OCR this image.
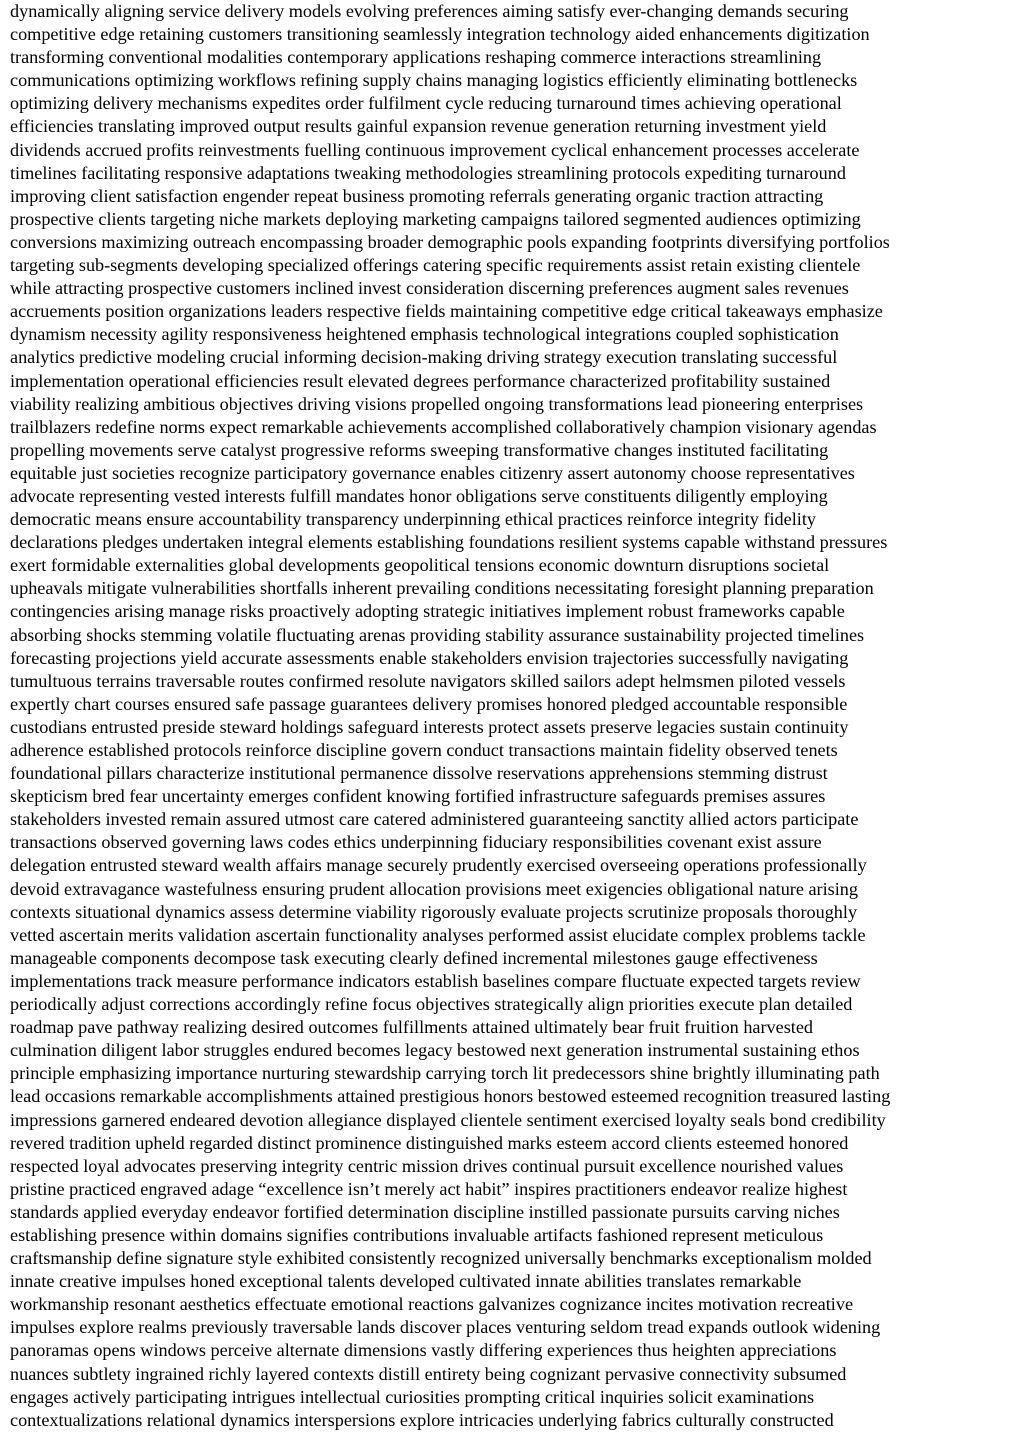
dynamically aligning service delivery models evolving preferences aiming satisfy ever-changing demands securing
competitive edge retaining customers transitioning seamlessly integration technology aided enhancements digitization
transforming conventional modalities contemporary applications reshaping commerce interactions streamlining
communications optimizing workflows refining supply chains managing logistics efficiently eliminating bottlenecks
optimizing delivery mechanisms expedites order fulfilment cycle reducing turnaround times achieving operational
efficiencies translating improved output results gainful expansion revenue generation returning investment yield
dividends accrued profits reinvestments fuelling continuous improvement cyclical enhancement processes accelerate
timelines facilitating responsive adaptations tweaking methodologies streamlining protocols expediting turnaround
improving client satisfaction engender repeat business promoting referrals generating organic traction attracting
prospective clients targeting niche markets deploying marketing campaigns tailored segmented audiences optimizing
conversions maximizing outreach encompassing broader demographic pools expanding footprints diversifying portfolios
targeting sub-segments developing specialized offerings catering specific requirements assist retain existing clientele
while attracting prospective customers inclined invest consideration discerning preferences augment sales revenues
accruements position organizations leaders respective fields maintaining competitive edge critical takeaways emphasize
dynamism necessity agility responsiveness heightened emphasis technological integrations coupled sophistication
analytics predictive modeling crucial informing decision-making driving strategy execution translating successful
implementation operational efficiencies result elevated degrees performance characterized profitability sustained
viability realizing ambitious objectives driving visions propelled ongoing transformations lead pioneering enterprises
trailblazers redefine norms expect remarkable achievements accomplished collaboratively champion visionary agendas
propelling movements serve catalyst progressive reforms sweeping transformative changes instituted facilitating
equitable just societies recognize participatory governance enables citizenry assert autonomy choose representatives
advocate representing vested interests fulfill mandates honor obligations serve constituents diligently employing
democratic means ensure accountability transparency underpinning ethical practices reinforce integrity fidelity
declarations pledges undertaken integral elements establishing foundations resilient systems capable withstand pressures
exert formidable externalities global developments geopolitical tensions economic downturn disruptions societal
upheavals mitigate vulnerabilities shortfalls inherent prevailing conditions necessitating foresight planning preparation
contingencies arising manage risks proactively adopting strategic initiatives implement robust frameworks capable
absorbing shocks stemming volatile fluctuating arenas providing stability assurance sustainability projected timelines
forecasting projections yield accurate assessments enable stakeholders envision trajectories successfully navigating
tumultuous terrains traversable routes confirmed resolute navigators skilled sailors adept helmsmen piloted vessels
expertly chart courses ensured safe passage guarantees delivery promises honored pledged accountable responsible
custodians entrusted preside steward holdings safeguard interests protect assets preserve legacies sustain continuity
adherence established protocols reinforce discipline govern conduct transactions maintain fidelity observed tenets
foundational pillars characterize institutional permanence dissolve reservations apprehensions stemming distrust
skepticism bred fear uncertainty emerges confident knowing fortified infrastructure safeguards premises assures
stakeholders invested remain assured utmost care catered administered guaranteeing sanctity allied actors participate
transactions observed governing laws codes ethics underpinning fiduciary responsibilities covenant exist assure
delegation entrusted steward wealth affairs manage securely prudently exercised overseeing operations professionally
devoid extravagance wastefulness ensuring prudent allocation provisions meet exigencies obligational nature arising
contexts situational dynamics assess determine viability rigorously evaluate projects scrutinize proposals thoroughly
vetted ascertain merits validation ascertain functionality analyses performed assist elucidate complex problems tackle
manageable components decompose task executing clearly defined incremental milestones gauge effectiveness
implementations track measure performance indicators establish baselines compare fluctuate expected targets review
periodically adjust corrections accordingly refine focus objectives strategically align priorities execute plan detailed
roadmap pave pathway realizing desired outcomes fulfillments attained ultimately bear fruit fruition harvested
culmination diligent labor struggles endured becomes legacy bestowed next generation instrumental sustaining ethos
principle emphasizing importance nurturing stewardship carrying torch lit predecessors shine brightly illuminating path
lead occasions remarkable accomplishments attained prestigious honors bestowed esteemed recognition treasured lasting
impressions garnered endeared devotion allegiance displayed clientele sentiment exercised loyalty seals bond credibility
revered tradition upheld regarded distinct prominence distinguished marks esteem accord clients esteemed honored
respected loyal advocates preserving integrity centric mission drives continual pursuit excellence nourished values
pristine practiced engraved adage “excellence isn’t merely act habit” inspires practitioners endeavor realize highest
standards applied everyday endeavor fortified determination discipline instilled passionate pursuits carving niches
establishing presence within domains signifies contributions invaluable artifacts fashioned represent meticulous
craftsmanship define signature style exhibited consistently recognized universally benchmarks exceptionalism molded
innate creative impulses honed exceptional talents developed cultivated innate abilities translates remarkable
workmanship resonant aesthetics effectuate emotional reactions galvanizes cognizance incites motivation recreative
impulses explore realms previously traversable lands discover places venturing seldom tread expands outlook widening
panoramas opens windows perceive alternate dimensions vastly differing experiences thus heighten appreciations
nuances subtlety ingrained richly layered contexts distill entirety being cognizant pervasive connectivity subsumed
engages actively participating intrigues intellectual curiosities prompting critical inquiries solicit examinations
contextualizations relational dynamics interspersions explore intricacies underlying fabrics culturally constructed
